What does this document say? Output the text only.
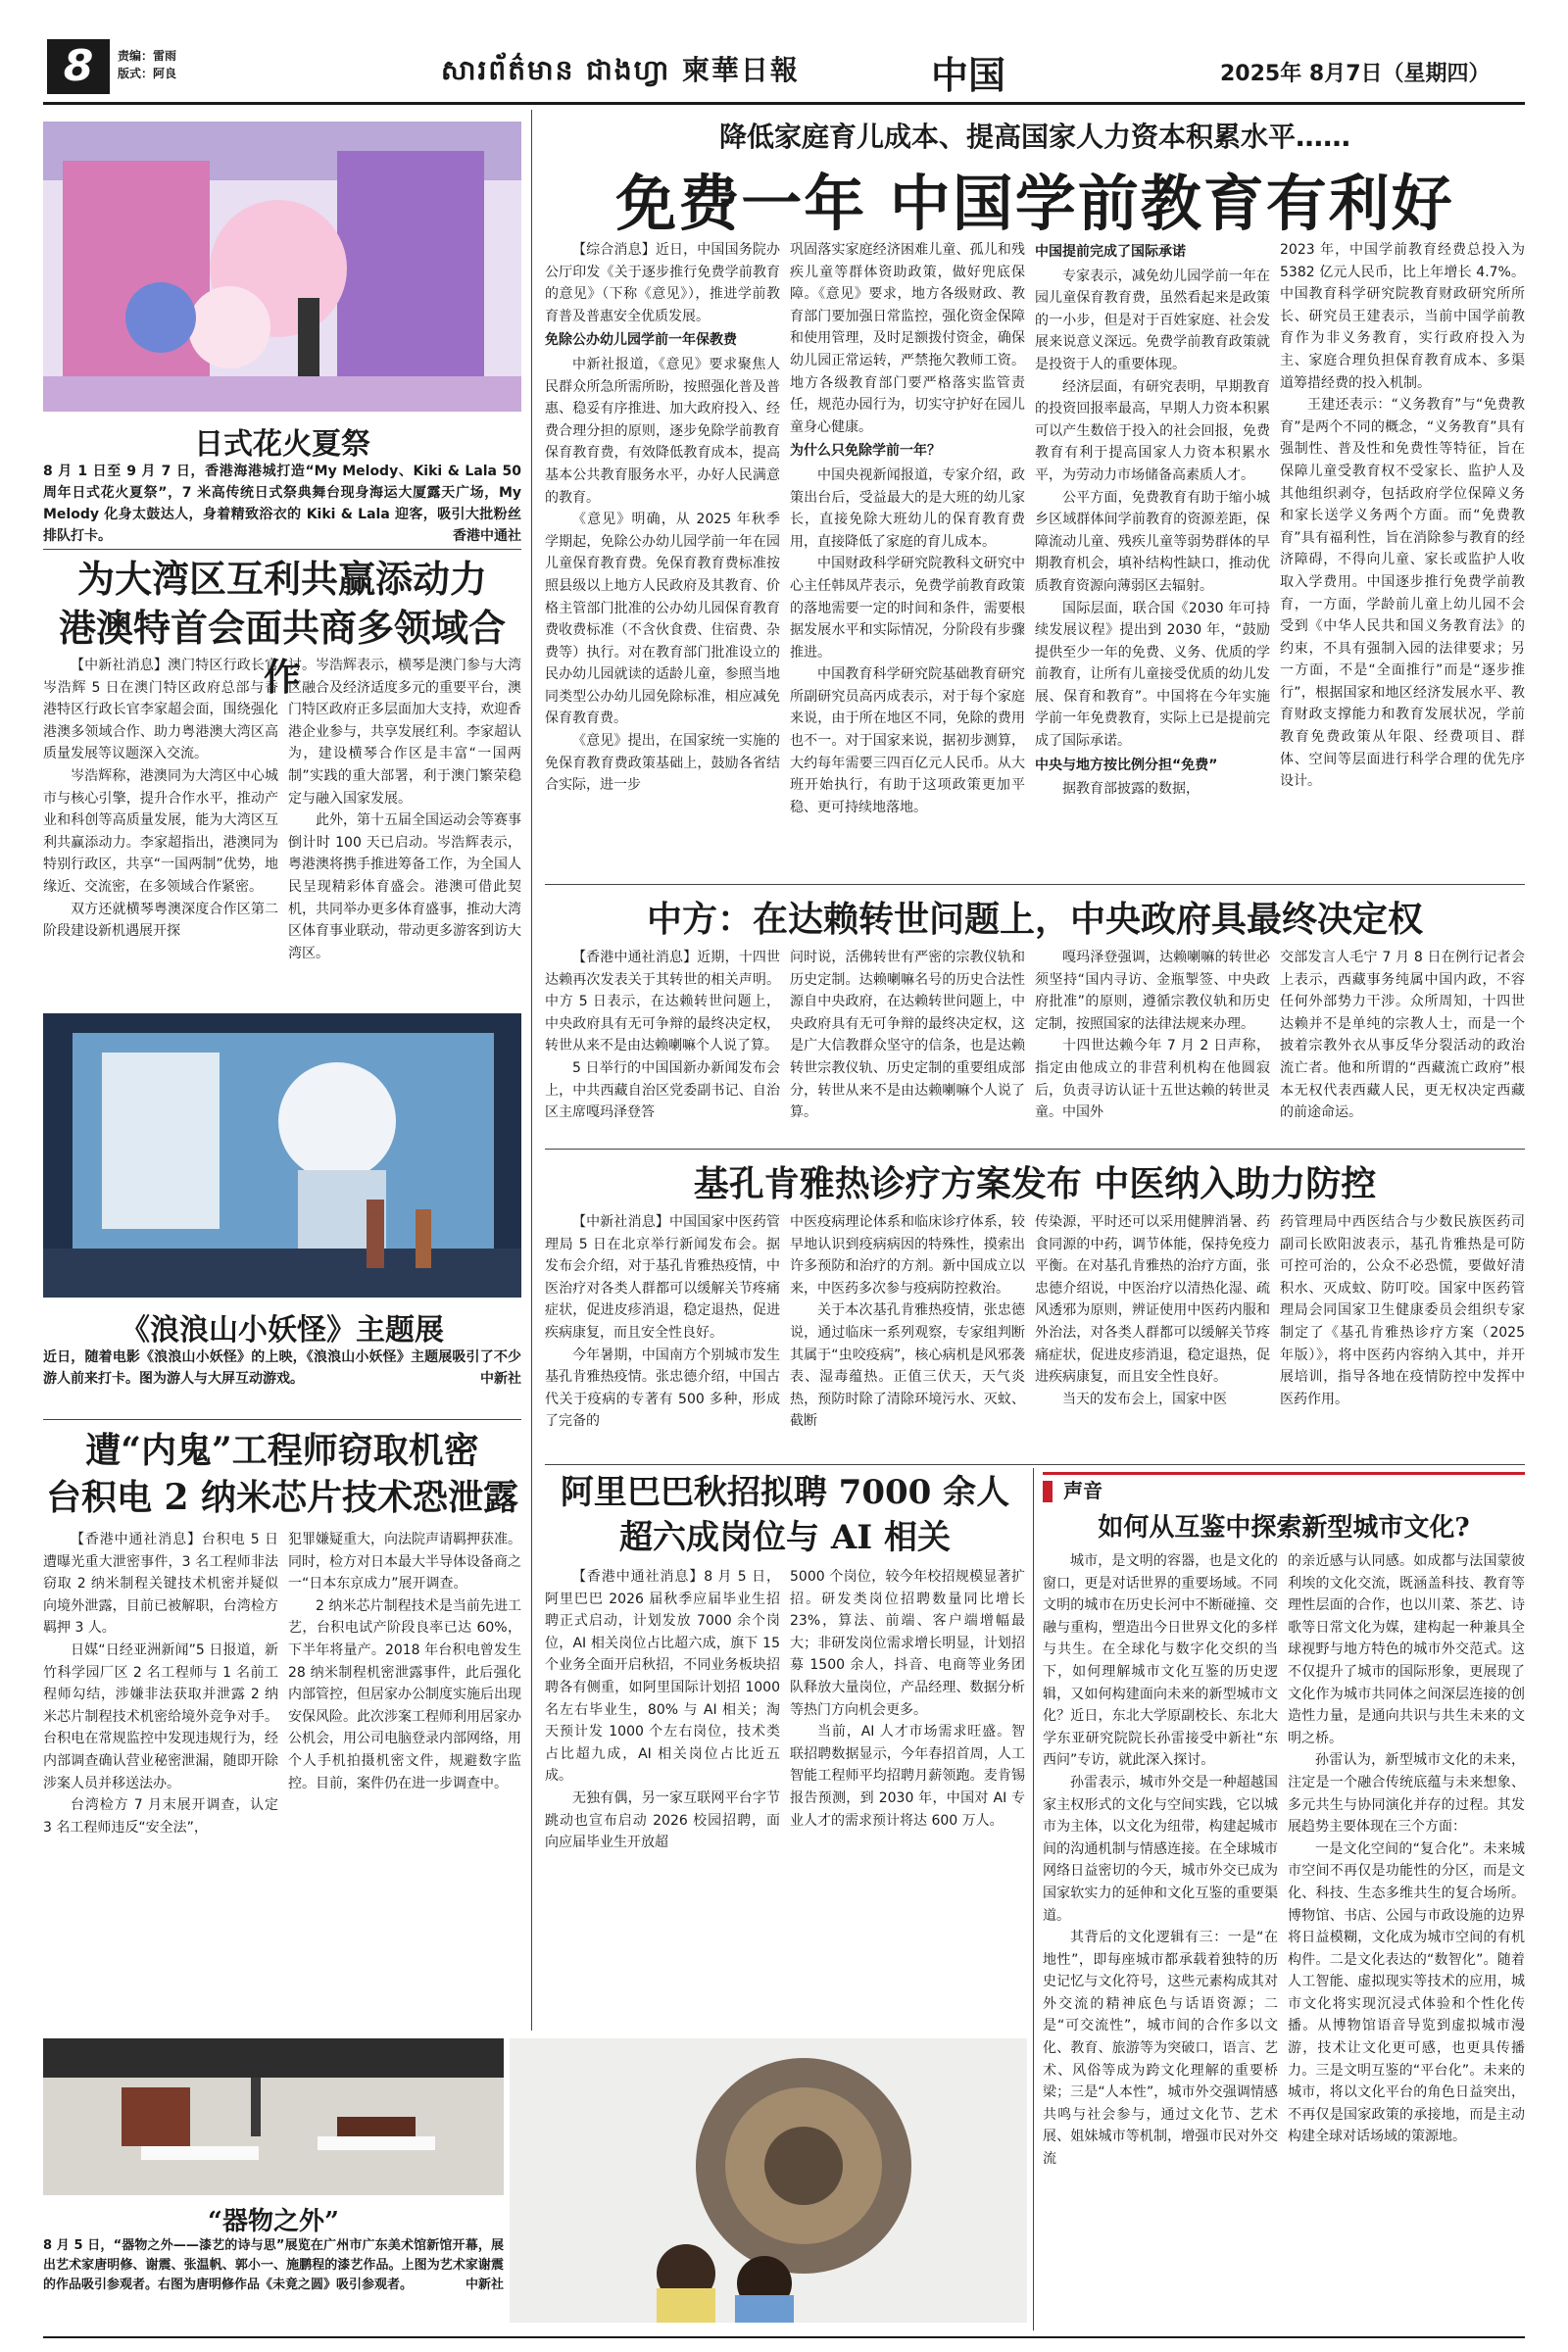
8	责编：雷雨
版式：阿良	សារព័ត៌មាន ជាងហ្វា 柬華日報	中国	2025年 8月7日（星期四）
日式花火夏祭
8 月 1 日至 9 月 7 日，香港海港城打造“My Melody、Kiki & Lala 50 周年日式花火夏祭”，7 米高传统日式祭典舞台现身海运大厦露天广场，My Melody 化身太鼓达人，身着精致浴衣的 Kiki & Lala 迎客，吸引大批粉丝排队打卡。	香港中通社
为大湾区互利共赢添动力
港澳特首会面共商多领域合作

【中新社消息】澳门特区行政长官岑浩辉 5 日在澳门特区政府总部与香港特区行政长官李家超会面，围绕强化港澳多领域合作、助力粤港澳大湾区高质量发展等议题深入交流。

岑浩辉称，港澳同为大湾区中心城市与核心引擎，提升合作水平，推动产业和科创等高质量发展，能为大湾区互利共赢添动力。李家超指出，港澳同为特别行政区，共享“一国两制”优势，地缘近、交流密，在多领域合作紧密。

双方还就横琴粤澳深度合作区第二阶段建设新机遇展开探

讨。岑浩辉表示，横琴是澳门参与大湾区融合及经济适度多元的重要平台，澳门特区政府正多层面加大支持，欢迎香港企业参与，共享发展红利。李家超认为，建设横琴合作区是丰富“一国两制”实践的重大部署，利于澳门繁荣稳定与融入国家发展。

此外，第十五届全国运动会等赛事倒计时 100 天已启动。岑浩辉表示，粤港澳将携手推进筹备工作，为全国人民呈现精彩体育盛会。港澳可借此契机，共同举办更多体育盛事，推动大湾区体育事业联动，带动更多游客到访大湾区。

《浪浪山小妖怪》主题展
近日，随着电影《浪浪山小妖怪》的上映，《浪浪山小妖怪》主题展吸引了不少游人前来打卡。图为游人与大屏互动游戏。	中新社
遭“内鬼”工程师窃取机密
台积电 2 纳米芯片技术恐泄露

【香港中通社消息】台积电 5 日遭曝光重大泄密事件，3 名工程师非法窃取 2 纳米制程关键技术机密并疑似向境外泄露，目前已被解职，台湾检方羁押 3 人。

日媒“日经亚洲新闻”5 日报道，新竹科学园厂区 2 名工程师与 1 名前工程师勾结，涉嫌非法获取并泄露 2 纳米芯片制程技术机密给境外竞争对手。台积电在常规监控中发现违规行为，经内部调查确认营业秘密泄漏，随即开除涉案人员并移送法办。

台湾检方 7 月末展开调查，认定 3 名工程师违反“安全法”，

犯罪嫌疑重大，向法院声请羁押获准。同时，检方对日本最大半导体设备商之一“日本东京成力”展开调查。

2 纳米芯片制程技术是当前先进工艺，台积电试产阶段良率已达 60%，下半年将量产。2018 年台积电曾发生 28 纳米制程机密泄露事件，此后强化内部管控，但居家办公制度实施后出现安保风险。此次涉案工程师利用居家办公机会，用公司电脑登录内部网络，用个人手机拍摄机密文件，规避数字监控。目前，案件仍在进一步调查中。

降低家庭育儿成本、提高国家人力资本积累水平……
免费一年 中国学前教育有利好

【综合消息】近日，中国国务院办公厅印发《关于逐步推行免费学前教育的意见》（下称《意见》），推进学前教育普及普惠安全优质发展。

免除公办幼儿园学前一年保教费

中新社报道，《意见》要求聚焦人民群众所急所需所盼，按照强化普及普惠、稳妥有序推进、加大政府投入、经费合理分担的原则，逐步免除学前教育保育教育费，有效降低教育成本，提高基本公共教育服务水平，办好人民满意的教育。

《意见》明确，从 2025 年秋季学期起，免除公办幼儿园学前一年在园儿童保育教育费。免保育教育费标准按照县级以上地方人民政府及其教育、价格主管部门批准的公办幼儿园保育教育费收费标准（不含伙食费、住宿费、杂费等）执行。对在教育部门批准设立的民办幼儿园就读的适龄儿童，参照当地同类型公办幼儿园免除标准，相应减免保育教育费。

《意见》提出，在国家统一实施的免保育教育费政策基础上，鼓励各省结合实际，进一步

巩固落实家庭经济困难儿童、孤儿和残疾儿童等群体资助政策，做好兜底保障。《意见》要求，地方各级财政、教育部门要加强日常监控，强化资金保障和使用管理，及时足额拨付资金，确保幼儿园正常运转，严禁拖欠教师工资。地方各级教育部门要严格落实监管责任，规范办园行为，切实守护好在园儿童身心健康。

为什么只免除学前一年？

中国央视新闻报道，专家介绍，政策出台后，受益最大的是大班的幼儿家长，直接免除大班幼儿的保育教育费用，直接降低了家庭的育儿成本。

中国财政科学研究院教科文研究中心主任韩凤芹表示，免费学前教育政策的落地需要一定的时间和条件，需要根据发展水平和实际情况，分阶段有步骤推进。

中国教育科学研究院基础教育研究所副研究员高丙成表示，对于每个家庭来说，由于所在地区不同，免除的费用也不一。对于国家来说，据初步测算，大约每年需要三四百亿元人民币。从大班开始执行，有助于这项政策更加平稳、更可持续地落地。

中国提前完成了国际承诺

专家表示，减免幼儿园学前一年在园儿童保育教育费，虽然看起来是政策的一小步，但是对于百姓家庭、社会发展来说意义深远。免费学前教育政策就是投资于人的重要体现。

经济层面，有研究表明，早期教育的投资回报率最高，早期人力资本积累可以产生数倍于投入的社会回报，免费教育有利于提高国家人力资本积累水平，为劳动力市场储备高素质人才。

公平方面，免费教育有助于缩小城乡区域群体间学前教育的资源差距，保障流动儿童、残疾儿童等弱势群体的早期教育机会，填补结构性缺口，推动优质教育资源向薄弱区去辐射。

国际层面，联合国《2030 年可持续发展议程》提出到 2030 年，“鼓励提供至少一年的免费、义务、优质的学前教育，让所有儿童接受优质的幼儿发展、保育和教育”。中国将在今年实施学前一年免费教育，实际上已是提前完成了国际承诺。

中央与地方按比例分担“免费”

据教育部披露的数据，

2023 年，中国学前教育经费总投入为 5382 亿元人民币，比上年增长 4.7%。中国教育科学研究院教育财政研究所所长、研究员王建表示，当前中国学前教育作为非义务教育，实行政府投入为主、家庭合理负担保育教育成本、多渠道筹措经费的投入机制。

王建还表示：“义务教育”与“免费教育”是两个不同的概念，“义务教育”具有强制性、普及性和免费性等特征，旨在保障儿童受教育权不受家长、监护人及其他组织剥夺，包括政府学位保障义务和家长送学义务两个方面。而“免费教育”具有福利性，旨在消除参与教育的经济障碍，不得向儿童、家长或监护人收取入学费用。中国逐步推行免费学前教育，一方面，学龄前儿童上幼儿园不会受到《中华人民共和国义务教育法》的约束，不具有强制入园的法律要求；另一方面，不是“全面推行”而是“逐步推行”，根据国家和地区经济发展水平、教育财政支撑能力和教育发展状况，学前教育免费政策从年限、经费项目、群体、空间等层面进行科学合理的优先序设计。

中方：在达赖转世问题上，中央政府具最终决定权

【香港中通社消息】近期，十四世达赖再次发表关于其转世的相关声明。中方 5 日表示，在达赖转世问题上，中央政府具有无可争辩的最终决定权，转世从来不是由达赖喇嘛个人说了算。

5 日举行的中国国新办新闻发布会上，中共西藏自治区党委副书记、自治区主席嘎玛泽登答

问时说，活佛转世有严密的宗教仪轨和历史定制。达赖喇嘛名号的历史合法性源自中央政府，在达赖转世问题上，中央政府具有无可争辩的最终决定权，这是广大信教群众坚守的信条，也是达赖转世宗教仪轨、历史定制的重要组成部分，转世从来不是由达赖喇嘛个人说了算。

嘎玛泽登强调，达赖喇嘛的转世必须坚持“国内寻访、金瓶掣签、中央政府批准”的原则，遵循宗教仪轨和历史定制，按照国家的法律法规来办理。

十四世达赖今年 7 月 2 日声称，指定由他成立的非营利机构在他圆寂后，负责寻访认证十五世达赖的转世灵童。中国外

交部发言人毛宁 7 月 8 日在例行记者会上表示，西藏事务纯属中国内政，不容任何外部势力干涉。众所周知，十四世达赖并不是单纯的宗教人士，而是一个披着宗教外衣从事反华分裂活动的政治流亡者。他和所谓的“西藏流亡政府”根本无权代表西藏人民，更无权决定西藏的前途命运。

基孔肯雅热诊疗方案发布 中医纳入助力防控

【中新社消息】中国国家中医药管理局 5 日在北京举行新闻发布会。据发布会介绍，对于基孔肯雅热疫情，中医治疗对各类人群都可以缓解关节疼痛症状，促进皮疹消退，稳定退热，促进疾病康复，而且安全性良好。

今年暑期，中国南方个别城市发生基孔肯雅热疫情。张忠德介绍，中国古代关于疫病的专著有 500 多种，形成了完备的

中医疫病理论体系和临床诊疗体系，较早地认识到疫病病因的特殊性，摸索出许多预防和治疗的方剂。新中国成立以来，中医药多次参与疫病防控救治。

关于本次基孔肯雅热疫情，张忠德说，通过临床一系列观察，专家组判断其属于“虫咬疫病”，核心病机是风邪袭表、湿毒蕴热。正值三伏天，天气炎热，预防时除了清除环境污水、灭蚊、截断

传染源，平时还可以采用健脾消暑、药食同源的中药，调节体能，保持免疫力平衡。在对基孔肯雅热的治疗方面，张忠德介绍说，中医治疗以清热化湿、疏风透邪为原则，辨证使用中医药内服和外治法，对各类人群都可以缓解关节疼痛症状，促进皮疹消退，稳定退热，促进疾病康复，而且安全性良好。

当天的发布会上，国家中医

药管理局中西医结合与少数民族医药司副司长欧阳波表示，基孔肯雅热是可防可控可治的，公众不必恐慌，要做好清积水、灭成蚊、防叮咬。国家中医药管理局会同国家卫生健康委员会组织专家制定了《基孔肯雅热诊疗方案（2025 年版）》，将中医药内容纳入其中，并开展培训，指导各地在疫情防控中发挥中医药作用。

阿里巴巴秋招拟聘 7000 余人
超六成岗位与 AI 相关

【香港中通社消息】8 月 5 日，阿里巴巴 2026 届秋季应届毕业生招聘正式启动，计划发放 7000 余个岗位，AI 相关岗位占比超六成，旗下 15 个业务全面开启秋招，不同业务板块招聘各有侧重，如阿里国际计划招 1000 名左右毕业生，80% 与 AI 相关；淘天预计发 1000 个左右岗位，技术类占比超九成，AI 相关岗位占比近五成。

无独有偶，另一家互联网平台字节跳动也宣布启动 2026 校园招聘，面向应届毕业生开放超

5000 个岗位，较今年校招规模显著扩招。研发类岗位招聘数量同比增长 23%，算法、前端、客户端增幅最大；非研发岗位需求增长明显，计划招募 1500 余人，抖音、电商等业务团队释放大量岗位，产品经理、数据分析等热门方向机会更多。

当前，AI 人才市场需求旺盛。智联招聘数据显示，今年春招首周，人工智能工程师平均招聘月薪领跑。麦肯锡报告预测，到 2030 年，中国对 AI 专业人才的需求预计将达 600 万人。

声音
如何从互鉴中探索新型城市文化?

城市，是文明的容器，也是文化的窗口，更是对话世界的重要场域。不同文明的城市在历史长河中不断碰撞、交融与重构，塑造出今日世界文化的多样与共生。在全球化与数字化交织的当下，如何理解城市文化互鉴的历史逻辑，又如何构建面向未来的新型城市文化？近日，东北大学原副校长、东北大学东亚研究院院长孙雷接受中新社“东西问”专访，就此深入探讨。

孙雷表示，城市外交是一种超越国家主权形式的文化与空间实践，它以城市为主体，以文化为纽带，构建起城市间的沟通机制与情感连接。在全球城市网络日益密切的今天，城市外交已成为国家软实力的延伸和文化互鉴的重要渠道。

其背后的文化逻辑有三：一是“在地性”，即每座城市都承载着独特的历史记忆与文化符号，这些元素构成其对外交流的精神底色与话语资源；二是“可交流性”，城市间的合作多以文化、教育、旅游等为突破口，语言、艺术、风俗等成为跨文化理解的重要桥梁；三是“人本性”，城市外交强调情感共鸣与社会参与，通过文化节、艺术展、姐妹城市等机制，增强市民对外交流

的亲近感与认同感。如成都与法国蒙彼利埃的文化交流，既涵盖科技、教育等理性层面的合作，也以川菜、茶艺、诗歌等日常文化为媒，建构起一种兼具全球视野与地方特色的城市外交范式。这不仅提升了城市的国际形象，更展现了文化作为城市共同体之间深层连接的创造性力量，是通向共识与共生未来的文明之桥。

孙雷认为，新型城市文化的未来，注定是一个融合传统底蕴与未来想象、多元共生与协同演化并存的过程。其发展趋势主要体现在三个方面：

一是文化空间的“复合化”。未来城市空间不再仅是功能性的分区，而是文化、科技、生态多维共生的复合场所。博物馆、书店、公园与市政设施的边界将日益模糊，文化成为城市空间的有机构件。二是文化表达的“数智化”。随着人工智能、虚拟现实等技术的应用，城市文化将实现沉浸式体验和个性化传播。从博物馆语音导览到虚拟城市漫游，技术让文化更可感，也更具传播力。三是文明互鉴的“平台化”。未来的城市，将以文化平台的角色日益突出，不再仅是国家政策的承接地，而是主动构建全球对话场域的策源地。

“器物之外”
8 月 5 日，“器物之外——漆艺的诗与思”展览在广州市广东美术馆新馆开幕，展出艺术家唐明修、谢震、张温帆、郭小一、施鹏程的漆艺作品。上图为艺术家谢震的作品吸引参观者。右图为唐明修作品《未竟之圆》吸引参观者。	中新社
